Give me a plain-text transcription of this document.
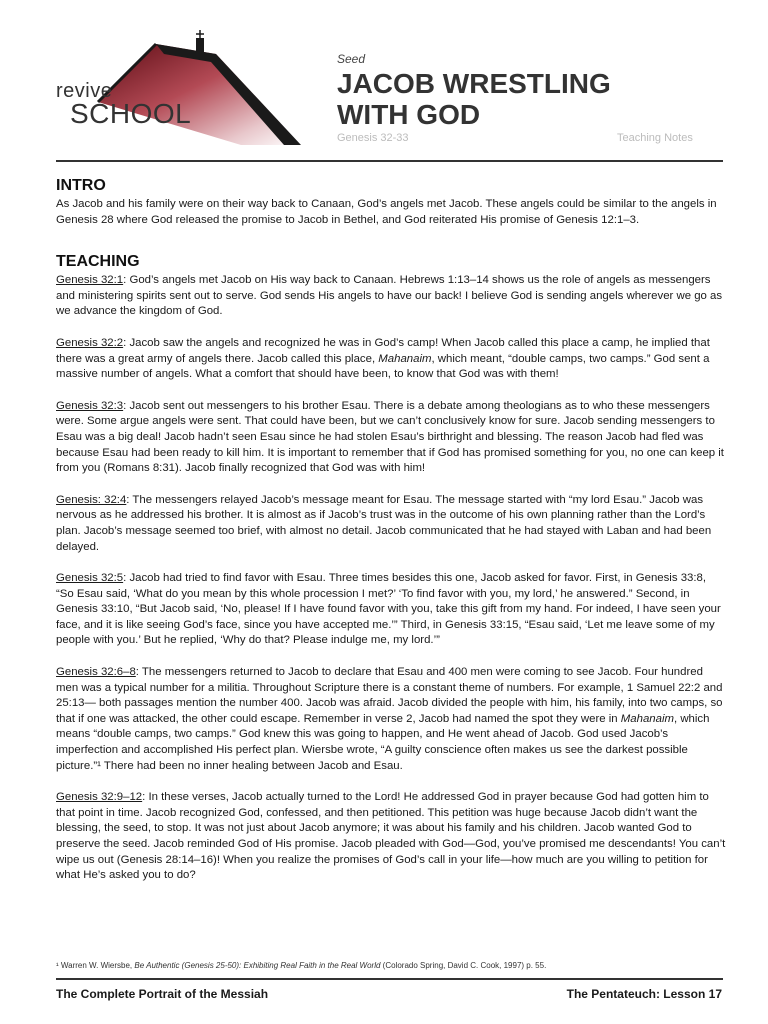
revive
SCHOOL
Seed
JACOB WRESTLING
WITH GOD
Genesis 32-33	Teaching Notes
INTRO

As Jacob and his family were on their way back to Canaan, God’s angels met Jacob. These angels could be similar to the angels in Genesis 28 where God released the promise to Jacob in Bethel, and God reiterated His promise of Genesis 12:1–3.

TEACHING

Genesis 32:1: God’s angels met Jacob on His way back to Canaan. Hebrews 1:13–14 shows us the role of angels as messengers and ministering spirits sent out to serve. God sends His angels to have our back! I believe God is sending angels wherever we go as we advance the kingdom of God.

Genesis 32:2: Jacob saw the angels and recognized he was in God’s camp! When Jacob called this place a camp, he implied that there was a great army of angels there. Jacob called this place, Mahanaim, which meant, “double camps, two camps.” God sent a massive number of angels. What a comfort that should have been, to know that God was with them!

Genesis 32:3: Jacob sent out messengers to his brother Esau. There is a debate among theologians as to who these messengers were. Some argue angels were sent. That could have been, but we can’t conclusively know for sure. Jacob sending messengers to Esau was a big deal! Jacob hadn’t seen Esau since he had stolen Esau’s birthright and blessing. The reason Jacob had fled was because Esau had been ready to kill him. It is important to remember that if God has promised something for you, no one can keep it from you (Romans 8:31). Jacob finally recognized that God was with him!

Genesis: 32:4: The messengers relayed Jacob’s message meant for Esau. The message started with “my lord Esau.” Jacob was nervous as he addressed his brother. It is almost as if Jacob’s trust was in the outcome of his own planning rather than the Lord’s plan. Jacob’s message seemed too brief, with almost no detail. Jacob communicated that he had stayed with Laban and had been delayed.

Genesis 32:5: Jacob had tried to find favor with Esau. Three times besides this one, Jacob asked for favor. First, in Genesis 33:8, “So Esau said, ‘What do you mean by this whole procession I met?’ ‘To find favor with you, my lord,’ he answered.” Second, in Genesis 33:10, “But Jacob said, ‘No, please! If I have found favor with you, take this gift from my hand. For indeed, I have seen your face, and it is like seeing God’s face, since you have accepted me.’” Third, in Genesis 33:15, “Esau said, ‘Let me leave some of my people with you.’ But he replied, ‘Why do that? Please indulge me, my lord.’”

Genesis 32:6–8: The messengers returned to Jacob to declare that Esau and 400 men were coming to see Jacob. Four hundred men was a typical number for a militia. Throughout Scripture there is a constant theme of numbers. For example, 1 Samuel 22:2 and 25:13— both passages mention the number 400. Jacob was afraid. Jacob divided the people with him, his family, into two camps, so that if one was attacked, the other could escape. Remember in verse 2, Jacob had named the spot they were in Mahanaim, which means “double camps, two camps.” God knew this was going to happen, and He went ahead of Jacob. God used Jacob’s imperfection and accomplished His perfect plan. Wiersbe wrote, “A guilty conscience often makes us see the darkest possible picture.”¹ There had been no inner healing between Jacob and Esau.

Genesis 32:9–12: In these verses, Jacob actually turned to the Lord! He addressed God in prayer because God had gotten him to that point in time. Jacob recognized God, confessed, and then petitioned. This petition was huge because Jacob didn’t want the blessing, the seed, to stop. It was not just about Jacob anymore; it was about his family and his children. Jacob wanted God to preserve the seed. Jacob reminded God of His promise. Jacob pleaded with God—God, you’ve promised me descendants! You can’t wipe us out (Genesis 28:14–16)! When you realize the promises of God’s call in your life—how much are you willing to petition for what He’s asked you to do?

¹ Warren W. Wiersbe, Be Authentic (Genesis 25-50): Exhibiting Real Faith in the Real World (Colorado Spring, David C. Cook, 1997) p. 55.
The Complete Portrait of the Messiah	The Pentateuch: Lesson 17
